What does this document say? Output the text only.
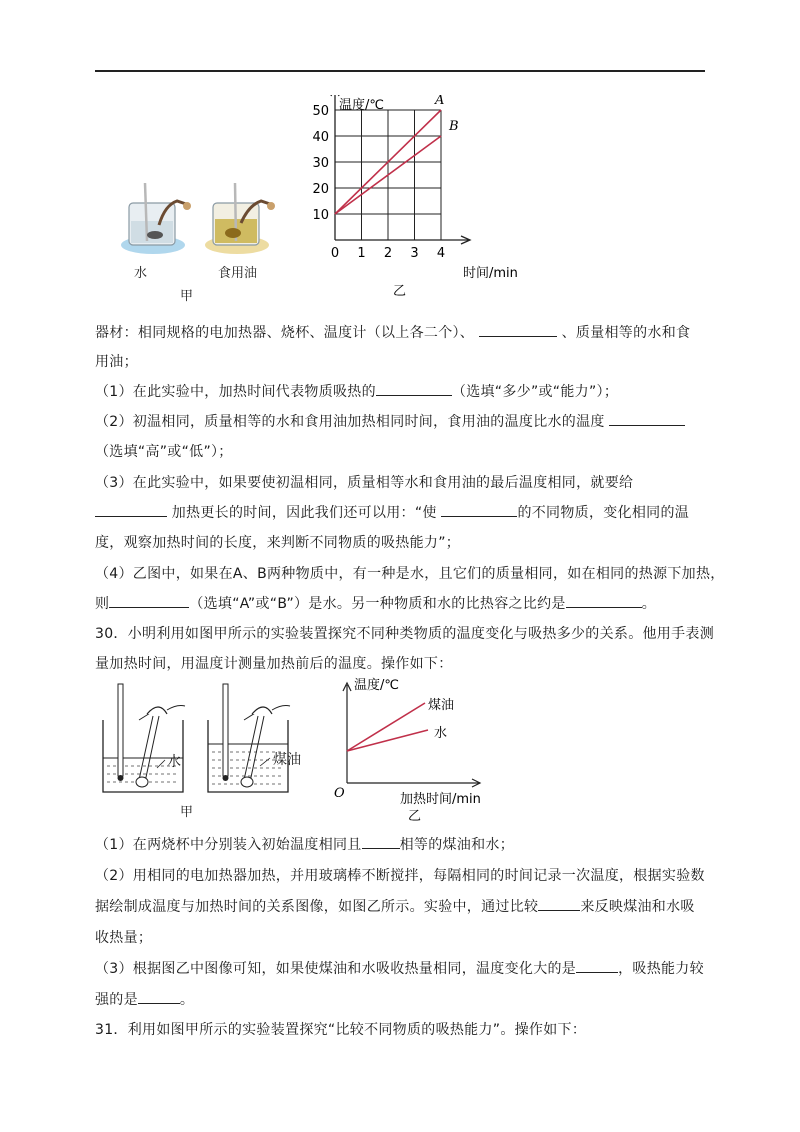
水	食用油
甲
A
B
0 1 2 3 4
10
20
30
40
50 温度/℃
时间/min
乙
器材：相同规格的电加热器、烧杯、温度计（以上各二个）、	、质量相等的水和食
用油；
（1）在此实验中，加热时间代表物质吸热的	（选填“多少”或“能力”）；
（2）初温相同，质量相等的水和食用油加热相同时间，食用油的温度比水的温度
（选填“高”或“低”）；
（3）在此实验中，如果要使初温相同，质量相等水和食用油的最后温度相同，就要给
加热更长的时间，因此我们还可以用：“使	的不同物质，变化相同的温
度，观察加热时间的长度，来判断不同物质的吸热能力”；
（4）乙图中，如果在A、B两种物质中，有一种是水，且它们的质量相同，如在相同的热源下加热，
则	（选填“A”或“B”）是水。另一种物质和水的比热容之比约是	。
30．小明利用如图甲所示的实验装置探究不同种类物质的温度变化与吸热多少的关系。他用手表测
量加热时间，用温度计测量加热前后的温度。操作如下：
水	煤油
甲
温度/℃
加热时间/min
O
煤油
水
乙
（1）在两烧杯中分别装入初始温度相同且	相等的煤油和水；
（2）用相同的电加热器加热，并用玻璃棒不断搅拌，每隔相同的时间记录一次温度，根据实验数
据绘制成温度与加热时间的关系图像，如图乙所示。实验中，通过比较	来反映煤油和水吸
收热量；
（3）根据图乙中图像可知，如果使煤油和水吸收热量相同，温度变化大的是	，吸热能力较
强的是	。
31．利用如图甲所示的实验装置探究“比较不同物质的吸热能力”。操作如下：
